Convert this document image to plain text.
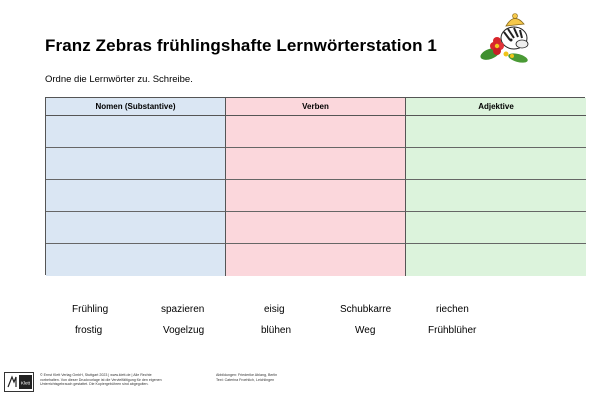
Franz Zebras frühlingshafte Lernwörterstation 1
Ordne die Lernwörter zu. Schreibe.
Nomen (Substantive)	Verben	Adjektive
Frühling	spazieren	eisig	Schubkarre	riechen
frostig	Vogelzug	blühen	Weg	Frühblüher
Klett
© Ernst Klett Verlag GmbH, Stuttgart 2023 | www.klett.de | Alle Rechte
vorbehalten. Von dieser Druckvorlage ist die Vervielfältigung für den eigenen
Unterrichtsgebrauch gestattet. Die Kopiergebühren sind abgegolten.
Abbildungen: Friederike Ablang, Berlin
Text: Caterina Froehlich, Leichlingen
